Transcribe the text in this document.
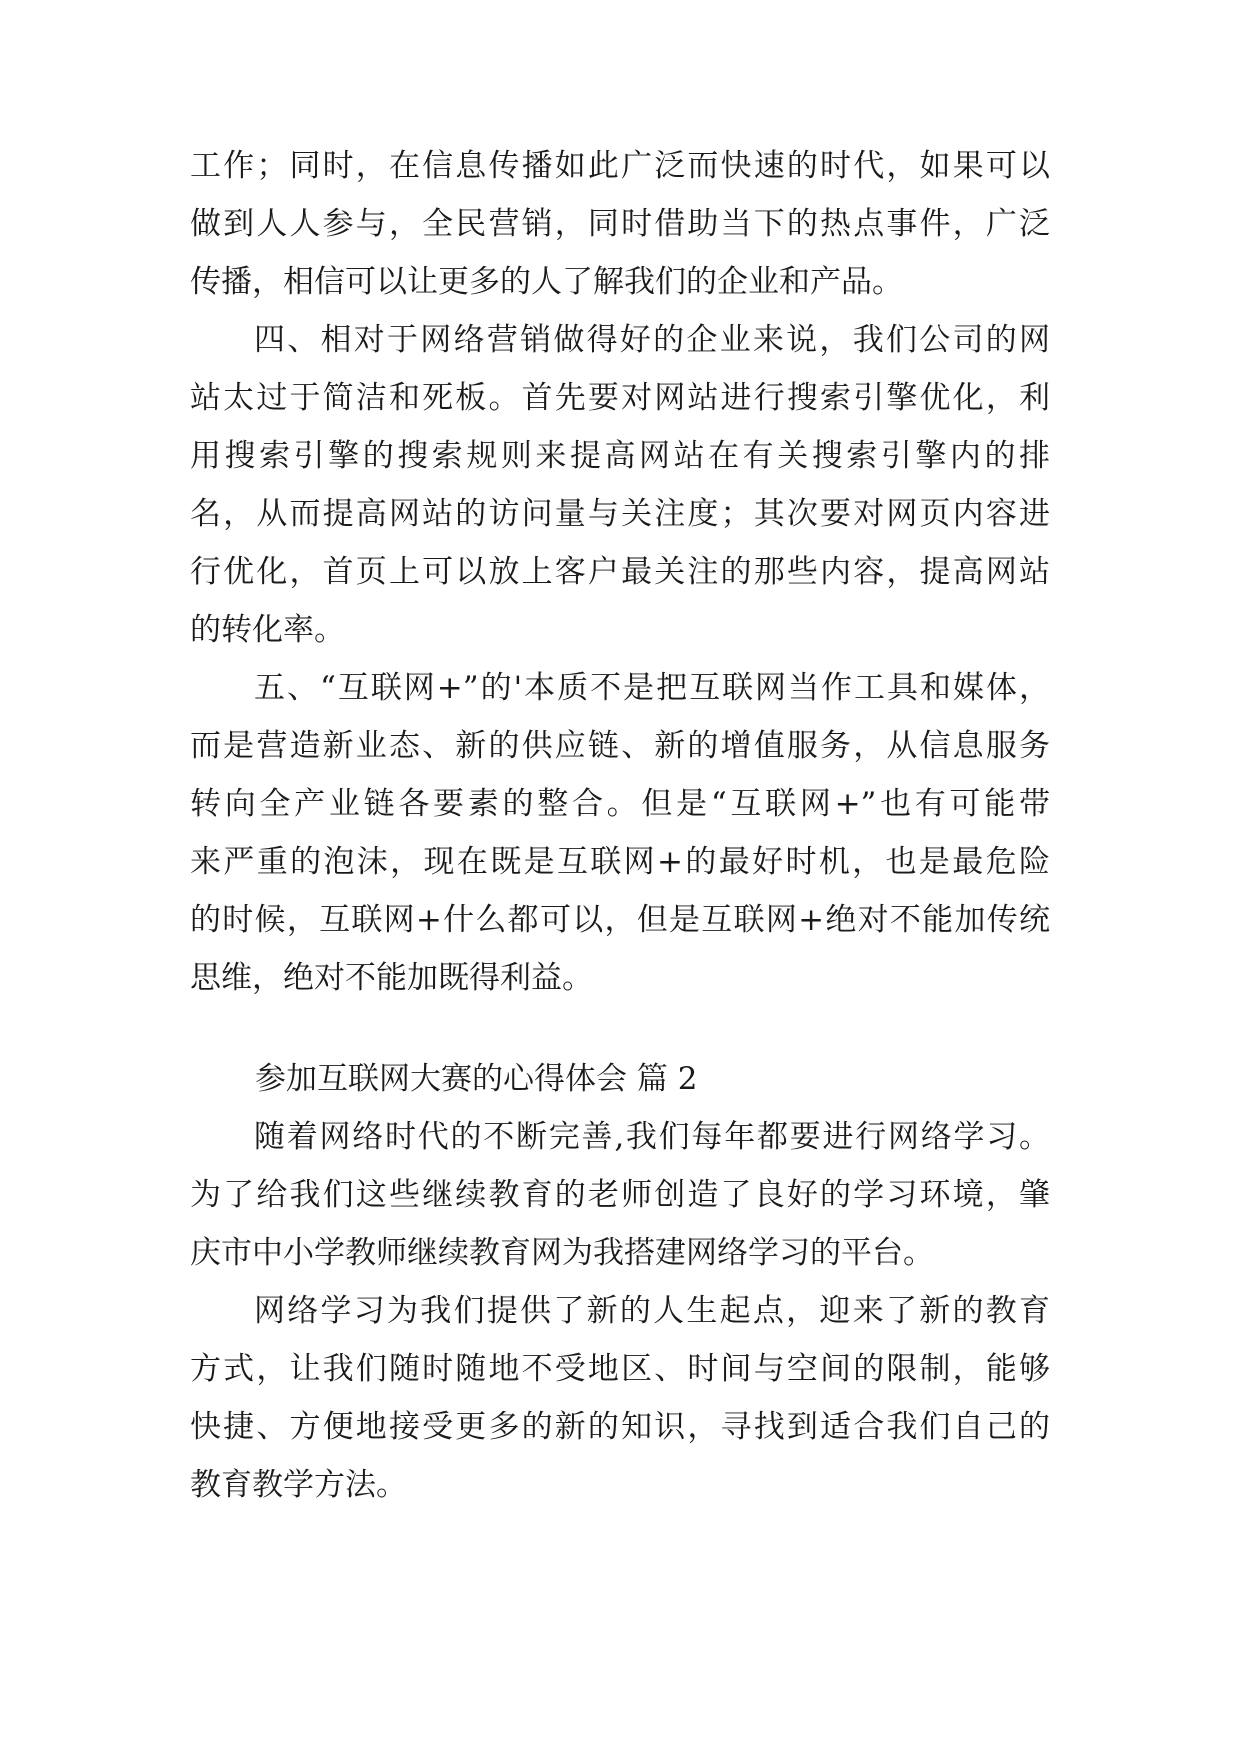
工作；同时，在信息传播如此广泛而快速的时代，如果可以
做到人人参与，全民营销，同时借助当下的热点事件，广泛
传播，相信可以让更多的人了解我们的企业和产品。
四、相对于网络营销做得好的企业来说，我们公司的网
站太过于简洁和死板。首先要对网站进行搜索引擎优化，利
用搜索引擎的搜索规则来提高网站在有关搜索引擎内的排
名，从而提高网站的访问量与关注度；其次要对网页内容进
行优化，首页上可以放上客户最关注的那些内容，提高网站
的转化率。
五、“互联网+”的'本质不是把互联网当作工具和媒体，
而是营造新业态、新的供应链、新的增值服务，从信息服务
转向全产业链各要素的整合。但是“互联网+”也有可能带
来严重的泡沫，现在既是互联网+的最好时机，也是最危险
的时候，互联网+什么都可以，但是互联网+绝对不能加传统
思维，绝对不能加既得利益。
参加互联网大赛的心得体会 篇 2
随着网络时代的不断完善,我们每年都要进行网络学习。
为了给我们这些继续教育的老师创造了良好的学习环境，肇
庆市中小学教师继续教育网为我搭建网络学习的平台。
网络学习为我们提供了新的人生起点，迎来了新的教育
方式，让我们随时随地不受地区、时间与空间的限制，能够
快捷、方便地接受更多的新的知识，寻找到适合我们自己的
教育教学方法。
